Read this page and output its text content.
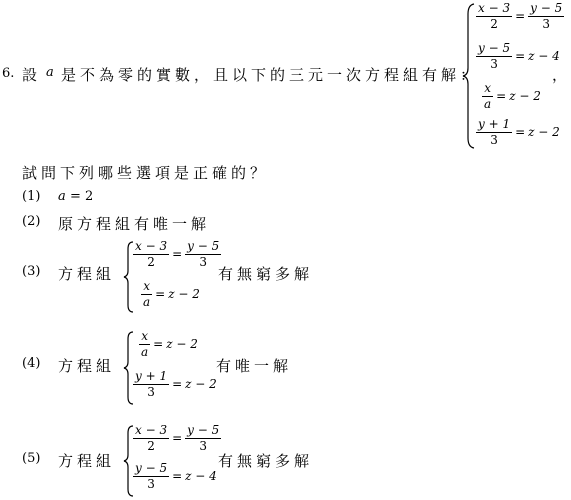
6. 設 a 是不為零的實數，且以下的三元一次方程組有解：	，
$\frac{x - 3}{2} = \frac{y - 5}{3}$
$\frac{y - 5}{3} = z - 4$
$\frac{x}{a} = z - 2$
$\frac{y + 1}{3} = z - 2$
試問下列哪些選項是正確的？
(1) a = 2
(2) 原方程組有唯一解
(3) 方程組
$\frac{x - 3}{2} = \frac{y - 5}{3}$
$\frac{x}{a} = z - 2$
有無窮多解
(4) 方程組
$\frac{x}{a} = z - 2$
$\frac{y + 1}{3} = z - 2$
有唯一解
(5) 方程組
$\frac{x - 3}{2} = \frac{y - 5}{3}$
$\frac{y - 5}{3} = z - 4$
有無窮多解
